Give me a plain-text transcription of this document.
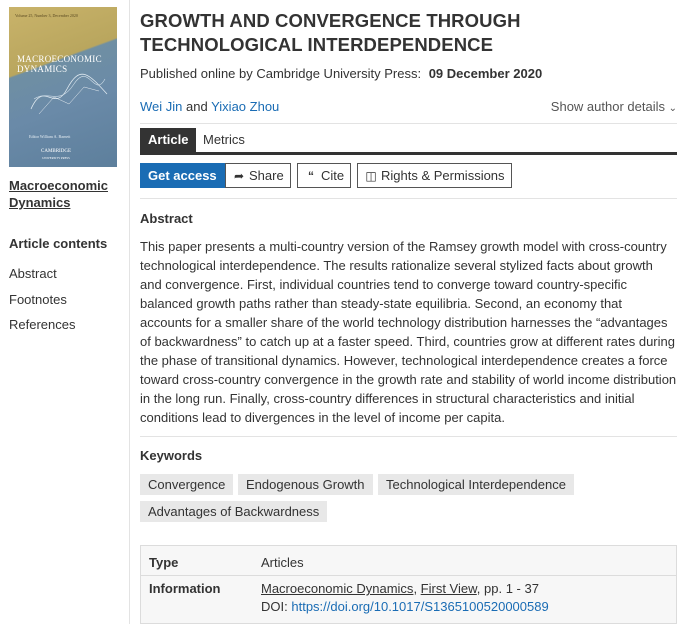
Volume 25, Number 3, December 2020
MACROECONOMIC
DYNAMICS
Editor William A. Barnett
CAMBRIDGE
UNIVERSITY PRESS
Macroeconomic Dynamics
Article contents
Abstract
Footnotes
References
GROWTH AND CONVERGENCE THROUGH TECHNOLOGICAL INTERDEPENDENCE
Published online by Cambridge University Press: 09 December 2020
Wei Jin and Yixiao Zhou	Show author details ⌄
Article	Metrics
Get access	➦ Share	“ Cite	◫ Rights & Permissions
Abstract

This paper presents a multi-country version of the Ramsey growth model with cross-country technological interdependence. The results rationalize several stylized facts about growth and convergence. First, individual countries tend to converge toward country-specific balanced growth paths rather than steady-state equilibria. Second, an economy that accounts for a smaller share of the world technology distribution harnesses the “advantages of backwardness” to catch up at a faster speed. Third, countries grow at different rates during the phase of transitional dynamics. However, technological interdependence creates a force toward cross-country convergence in the growth rate and stability of world income distribution in the long run. Finally, cross-country differences in structural characteristics and initial conditions lead to divergences in the level of income per capita.

Keywords
Convergence	Endogenous Growth	Technological Interdependence
Advantages of Backwardness
Type	Articles
Information	Macroeconomic Dynamics, First View, pp. 1 - 37
DOI: https://doi.org/10.1017/S1365100520000589
